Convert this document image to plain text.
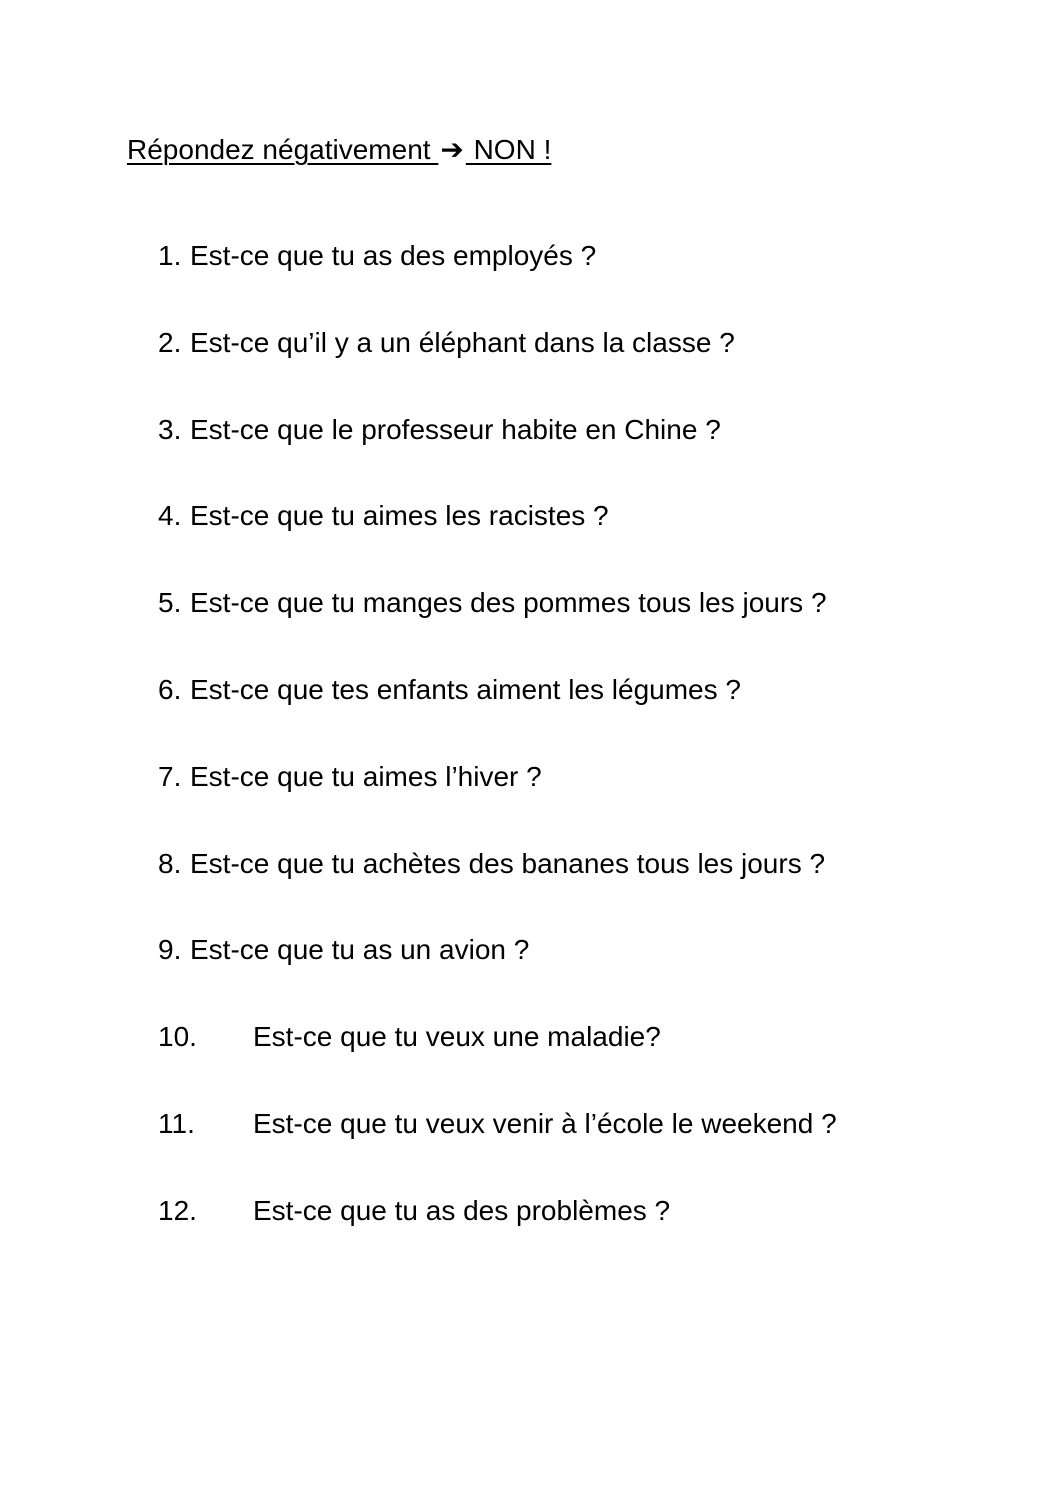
Répondez négativement ➔ NON !
1. Est-ce que tu as des employés ?
2. Est-ce qu’il y a un éléphant dans la classe ?
3. Est-ce que le professeur habite en Chine ?
4. Est-ce que tu aimes les racistes ?
5. Est-ce que tu manges des pommes tous les jours ?
6. Est-ce que tes enfants aiment les légumes ?
7. Est-ce que tu aimes l’hiver ?
8. Est-ce que tu achètes des bananes tous les jours ?
9. Est-ce que tu as un avion ?
10.	Est-ce que tu veux une maladie?
11.	Est-ce que tu veux venir à l’école le weekend ?
12.	Est-ce que tu as des problèmes ?
